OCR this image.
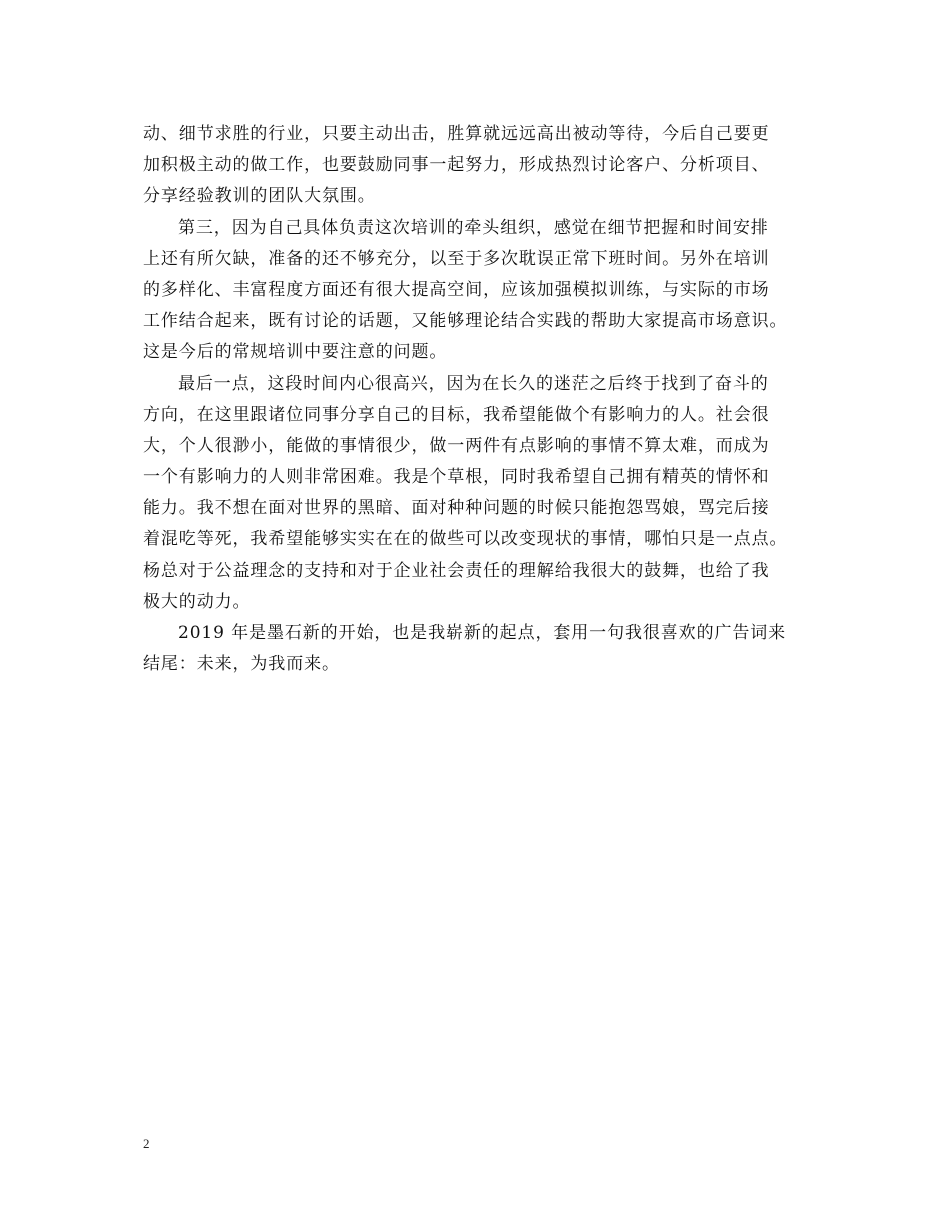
动、细节求胜的行业，只要主动出击，胜算就远远高出被动等待，今后自己要更
加积极主动的做工作，也要鼓励同事一起努力，形成热烈讨论客户、分析项目、
分享经验教训的团队大氛围。
第三，因为自己具体负责这次培训的牵头组织，感觉在细节把握和时间安排
上还有所欠缺，准备的还不够充分，以至于多次耽误正常下班时间。另外在培训
的多样化、丰富程度方面还有很大提高空间，应该加强模拟训练，与实际的市场
工作结合起来，既有讨论的话题，又能够理论结合实践的帮助大家提高市场意识。
这是今后的常规培训中要注意的问题。
最后一点，这段时间内心很高兴，因为在长久的迷茫之后终于找到了奋斗的
方向，在这里跟诸位同事分享自己的目标，我希望能做个有影响力的人。社会很
大，个人很渺小，能做的事情很少，做一两件有点影响的事情不算太难，而成为
一个有影响力的人则非常困难。我是个草根，同时我希望自己拥有精英的情怀和
能力。我不想在面对世界的黑暗、面对种种问题的时候只能抱怨骂娘，骂完后接
着混吃等死，我希望能够实实在在的做些可以改变现状的事情，哪怕只是一点点。
杨总对于公益理念的支持和对于企业社会责任的理解给我很大的鼓舞，也给了我
极大的动力。
2019 年是墨石新的开始，也是我崭新的起点，套用一句我很喜欢的广告词来
结尾：未来，为我而来。
2
